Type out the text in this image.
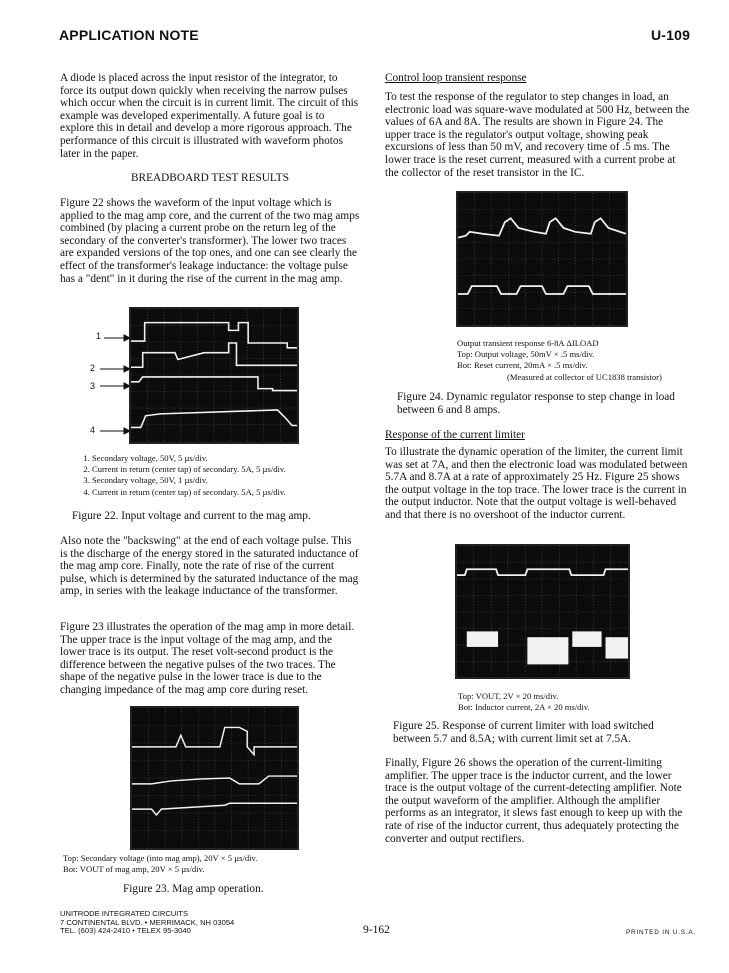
APPLICATION NOTE	U-109

A diode is placed across the input resistor of the integrator, to force its output down quickly when receiving the narrow pulses which occur when the circuit is in current limit. The circuit of this example was developed experimentally. A future goal is to explore this in detail and develop a more rigorous approach. The performance of this circuit is illustrated with waveform photos later in the paper.

BREADBOARD TEST RESULTS

Figure 22 shows the waveform of the input voltage which is applied to the mag amp core, and the current of the two mag amps combined (by placing a current probe on the return leg of the secondary of the converter's transformer). The lower two traces are expanded versions of the top ones, and one can see clearly the effect of the transformer's leakage inductance: the voltage pulse has a "dent" in it during the rise of the current in the mag amp.

1
2
3
4
1. Secondary voltage, 50V, 5 µs/div.
2. Current in return (center tap) of secondary. 5A, 5 µs/div.
3. Secondary voltage, 50V, 1 µs/div.
4. Current in return (center tap) of secondary. 5A, 5 µs/div.

Figure 22. Input voltage and current to the mag amp.

Also note the "backswing" at the end of each voltage pulse. This is the discharge of the energy stored in the saturated inductance of the mag amp core. Finally, note the rate of rise of the current pulse, which is determined by the saturated inductance of the mag amp, in series with the leakage inductance of the transformer.

Figure 23 illustrates the operation of the mag amp in more detail. The upper trace is the input voltage of the mag amp, and the lower trace is its output. The reset volt-second product is the difference between the negative pulses of the two traces. The shape of the negative pulse in the lower trace is due to the changing impedance of the mag amp core during reset.

Top: Secondary voltage (into mag amp), 20V × 5 µs/div.

Bot: VOUT of mag amp, 20V × 5 µs/div.

Figure 23. Mag amp operation.

Control loop transient response

To test the response of the regulator to step changes in load, an electronic load was square-wave modulated at 500 Hz, between the values of 6A and 8A. The results are shown in Figure 24. The upper trace is the regulator's output voltage, showing peak excursions of less than 50 mV, and recovery time of .5 ms. The lower trace is the reset current, measured with a current probe at the collector of the reset transistor in the IC.

Output transient response 6-8A ΔILOAD
Top: Output voltage, 50mV × .5 ms/div.
Bot: Reset current, 20mA × .5 ms/div.
(Measured at collector of UC1838 transistor)

Figure 24. Dynamic regulator response to step change in load between 6 and 8 amps.

Response of the current limiter

To illustrate the dynamic operation of the limiter, the current limit was set at 7A, and then the electronic load was modulated between 5.7A and 8.7A at a rate of approximately 25 Hz. Figure 25 shows the output voltage in the top trace. The lower trace is the current in the output inductor. Note that the output voltage is well-behaved and that there is no overshoot of the inductor current.

Top: VOUT, 2V × 20 ms/div.

Bot: Inductor current, 2A × 20 ms/div.

Figure 25. Response of current limiter with load switched between 5.7 and 8.5A; with current limit set at 7.5A.

Finally, Figure 26 shows the operation of the current-limiting amplifier. The upper trace is the inductor current, and the lower trace is the output voltage of the current-detecting amplifier. Note the output waveform of the amplifier. Although the amplifier performs as an integrator, it slews fast enough to keep up with the rate of rise of the inductor current, thus adequately protecting the converter and output rectifiers.

UNITRODE INTEGRATED CIRCUITS
7 CONTINENTAL BLVD. • MERRIMACK, NH 03054
TEL. (603) 424-2410 • TELEX 95-3040	9-162	PRINTED IN U.S.A.
